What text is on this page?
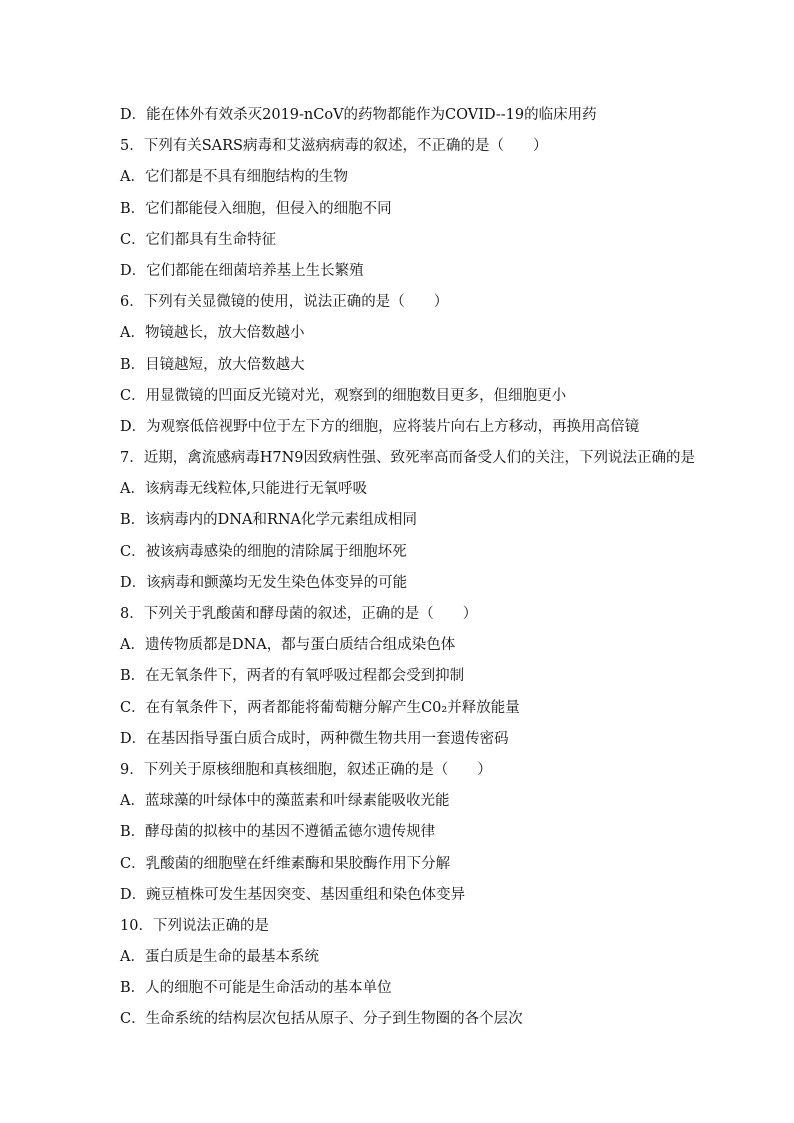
D．能在体外有效杀灭2019-nCoV的药物都能作为COVID--19的临床用药
5．下列有关SARS病毒和艾滋病病毒的叙述，不正确的是（　　）
A．它们都是不具有细胞结构的生物
B．它们都能侵入细胞，但侵入的细胞不同
C．它们都具有生命特征
D．它们都能在细菌培养基上生长繁殖
6．下列有关显微镜的使用，说法正确的是（　　）
A．物镜越长，放大倍数越小
B．目镜越短，放大倍数越大
C．用显微镜的凹面反光镜对光，观察到的细胞数目更多，但细胞更小
D．为观察低倍视野中位于左下方的细胞，应将装片向右上方移动，再换用高倍镜
7．近期，禽流感病毒H7N9因致病性强、致死率高而备受人们的关注，下列说法正确的是
A．该病毒无线粒体,只能进行无氧呼吸
B．该病毒内的DNA和RNA化学元素组成相同
C．被该病毒感染的细胞的清除属于细胞坏死
D．该病毒和颤藻均无发生染色体变异的可能
8．下列关于乳酸菌和酵母菌的叙述，正确的是（　　）
A．遗传物质都是DNA，都与蛋白质结合组成染色体
B．在无氧条件下，两者的有氧呼吸过程都会受到抑制
C．在有氧条件下，两者都能将葡萄糖分解产生C0₂并释放能量
D．在基因指导蛋白质合成时，两种微生物共用一套遗传密码
9．下列关于原核细胞和真核细胞，叙述正确的是（　　）
A．蓝球藻的叶绿体中的藻蓝素和叶绿素能吸收光能
B．酵母菌的拟核中的基因不遵循孟德尔遗传规律
C．乳酸菌的细胞壁在纤维素酶和果胶酶作用下分解
D．豌豆植株可发生基因突变、基因重组和染色体变异
10．下列说法正确的是
A．蛋白质是生命的最基本系统
B．人的细胞不可能是生命活动的基本单位
C．生命系统的结构层次包括从原子、分子到生物圈的各个层次
